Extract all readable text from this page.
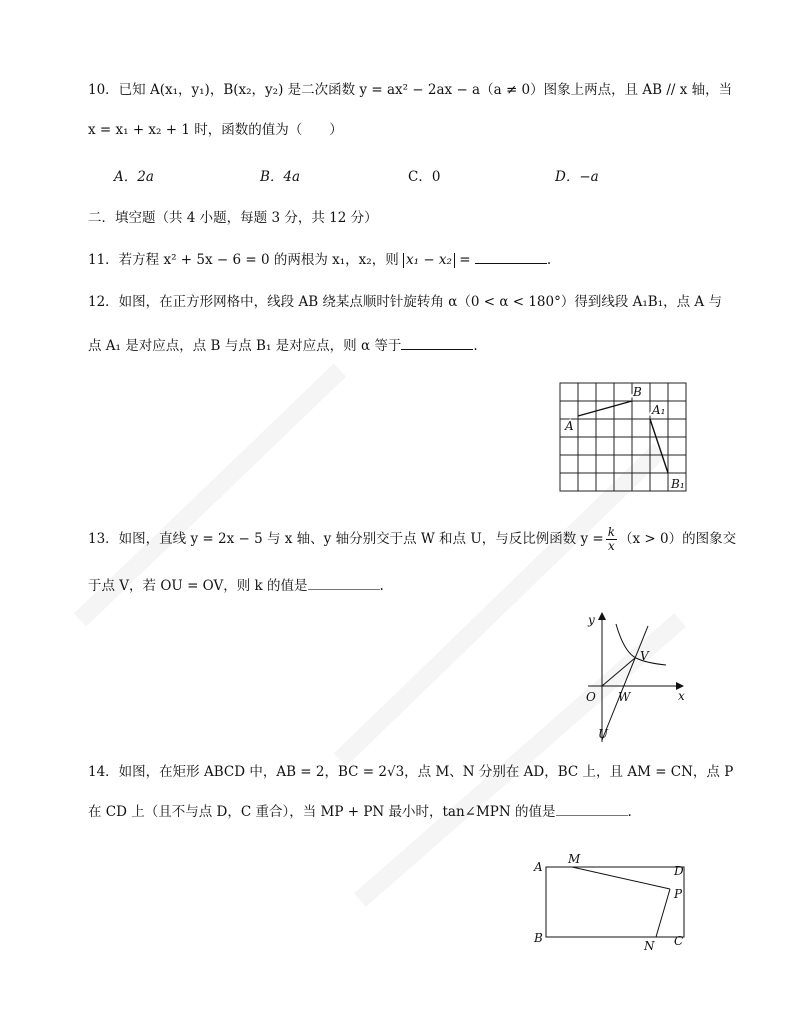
10．已知 A(x₁，y₁)，B(x₂，y₂) 是二次函数 y = ax² − 2ax − a（a ≠ 0）图象上两点，且 AB // x 轴，当
x = x₁ + x₂ + 1 时，函数的值为（　　）
A．2a	B．4a	C．0	D．−a
二．填空题（共 4 小题，每题 3 分，共 12 分）
11．若方程 x² + 5x − 6 = 0 的两根为 x₁，x₂，则 x₁ − x₂ =	.
12．如图，在正方形网格中，线段 AB 绕某点顺时针旋转角 α（0 < α < 180°）得到线段 A₁B₁，点 A 与
点 A₁ 是对应点，点 B 与点 B₁ 是对应点，则 α 等于	.
A
B
A₁
B₁
13．如图，直线 y = 2x − 5 与 x 轴、y 轴分别交于点 W 和点 U，与反比例函数 $y = \frac{k}{x} (x > 0)$的图象交
于点 V，若 OU = OV，则 k 的值是	.
y
x
O W
V
U
14．如图，在矩形 ABCD 中，AB = 2，BC = 2√3，点 M、N 分别在 AD，BC 上，且 AM = CN，点 P
在 CD 上（且不与点 D，C 重合），当 MP + PN 最小时，tan∠MPN 的值是	.
A
M
D
P
B
N C
